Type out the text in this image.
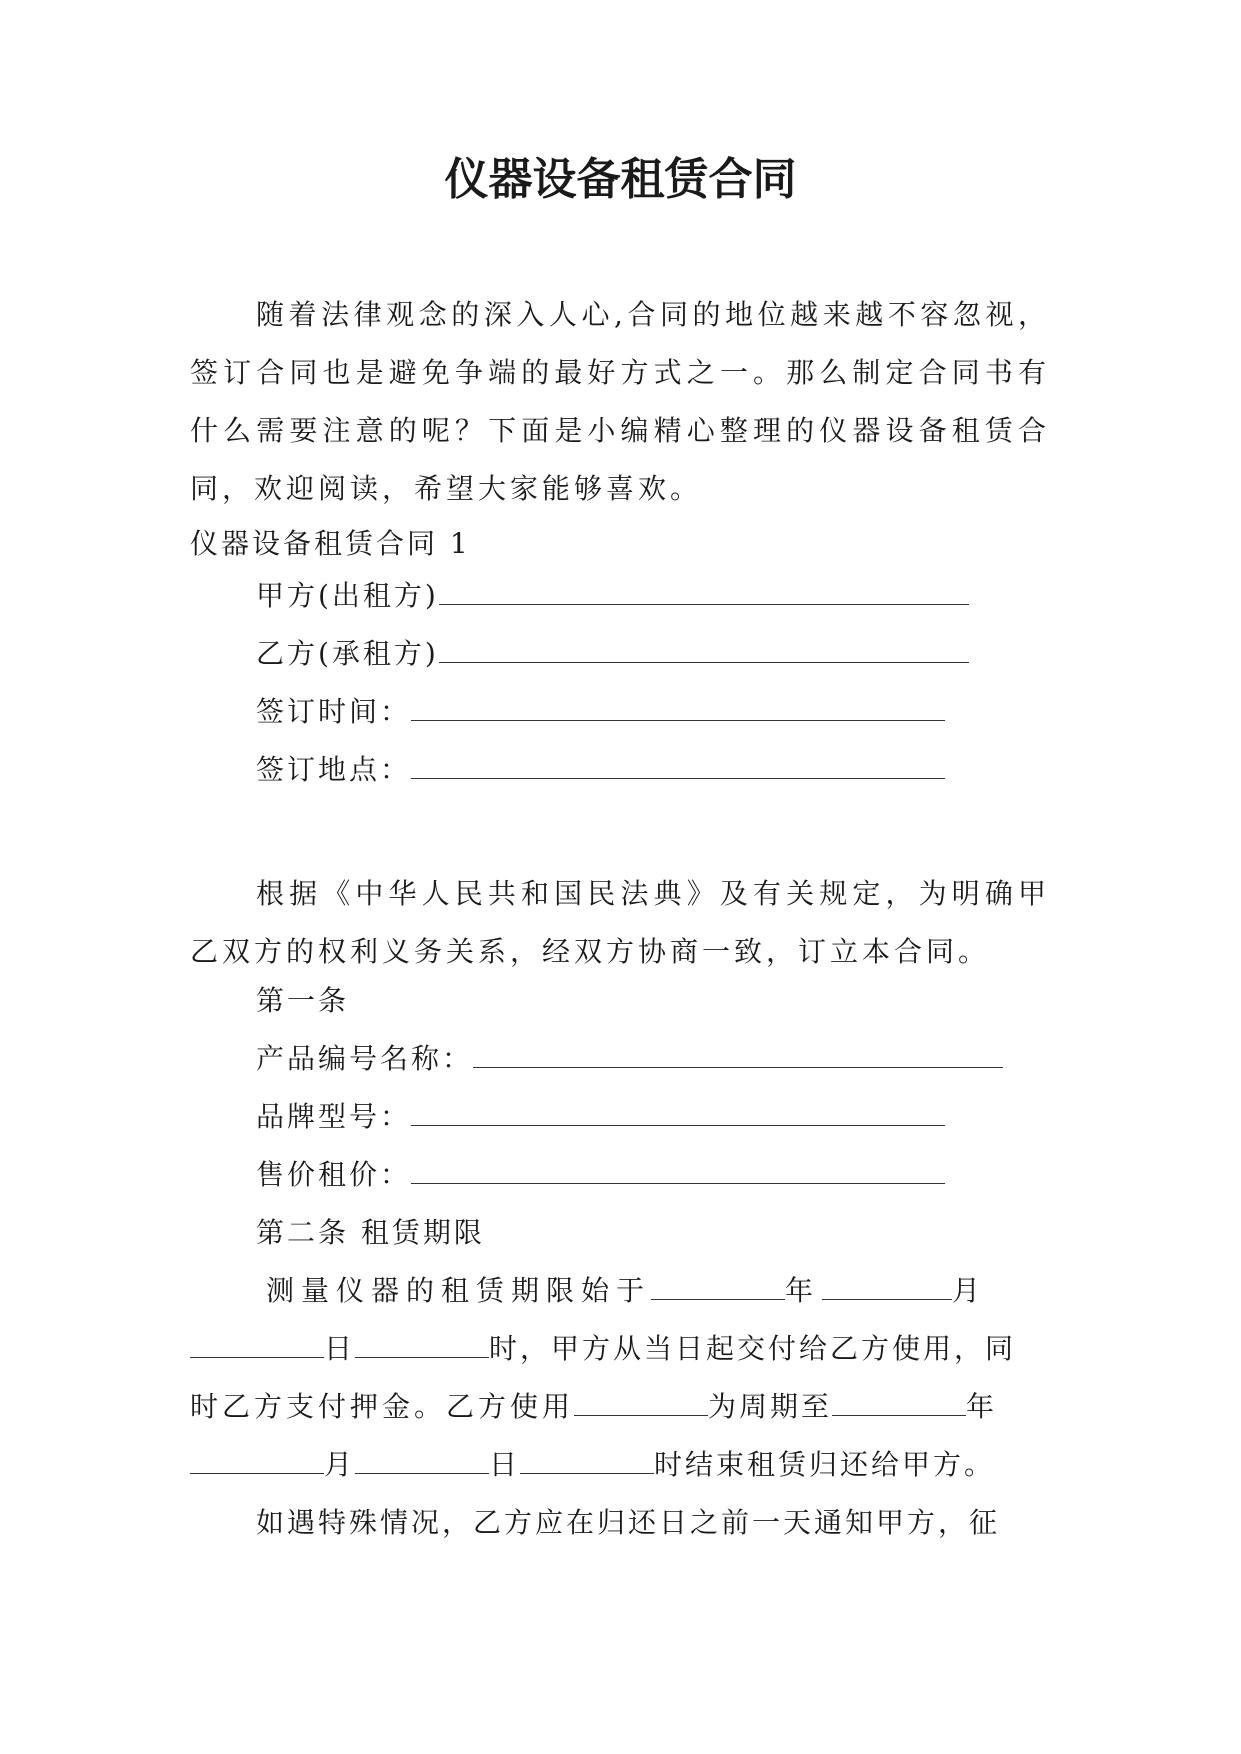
仪器设备租赁合同

随着法律观念的深入人心,合同的地位越来越不容忽视，签订合同也是避免争端的最好方式之一。那么制定合同书有什么需要注意的呢？下面是小编精心整理的仪器设备租赁合同，欢迎阅读，希望大家能够喜欢。

仪器设备租赁合同 1
甲方(出租方)
乙方(承租方)
签订时间：
签订地点：

根据《中华人民共和国民法典》及有关规定，为明确甲乙双方的权利义务关系，经双方协商一致，订立本合同。

第一条
产品编号名称：
品牌型号：
售价租价：
第二条 租赁期限
测量仪器的租赁期限始于	年	月
日	时，甲方从当日起交付给乙方使用，同
时乙方支付押金。乙方使用	为周期至	年
月	日	时结束租赁归还给甲方。
如遇特殊情况，乙方应在归还日之前一天通知甲方，征
